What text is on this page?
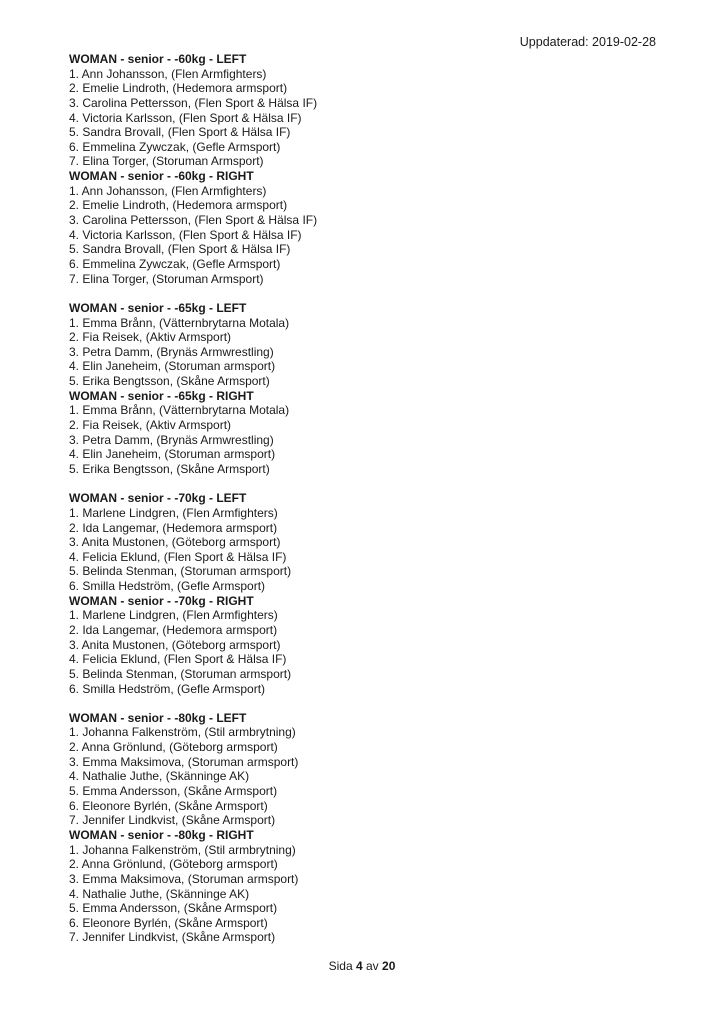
Uppdaterad: 2019-02-28
WOMAN - senior - -60kg - LEFT
1. Ann Johansson, (Flen Armfighters)
2. Emelie Lindroth, (Hedemora armsport)
3. Carolina Pettersson, (Flen Sport & Hälsa IF)
4. Victoria Karlsson, (Flen Sport & Hälsa IF)
5. Sandra Brovall, (Flen Sport & Hälsa IF)
6. Emmelina Zywczak, (Gefle Armsport)
7. Elina Torger, (Storuman Armsport)
WOMAN - senior - -60kg - RIGHT
1. Ann Johansson, (Flen Armfighters)
2. Emelie Lindroth, (Hedemora armsport)
3. Carolina Pettersson, (Flen Sport & Hälsa IF)
4. Victoria Karlsson, (Flen Sport & Hälsa IF)
5. Sandra Brovall, (Flen Sport & Hälsa IF)
6. Emmelina Zywczak, (Gefle Armsport)
7. Elina Torger, (Storuman Armsport)
WOMAN - senior - -65kg - LEFT
1. Emma Brånn, (Vätternbrytarna Motala)
2. Fia Reisek, (Aktiv Armsport)
3. Petra Damm, (Brynäs Armwrestling)
4. Elin Janeheim, (Storuman armsport)
5. Erika Bengtsson, (Skåne Armsport)
WOMAN - senior - -65kg - RIGHT
1. Emma Brånn, (Vätternbrytarna Motala)
2. Fia Reisek, (Aktiv Armsport)
3. Petra Damm, (Brynäs Armwrestling)
4. Elin Janeheim, (Storuman armsport)
5. Erika Bengtsson, (Skåne Armsport)
WOMAN - senior - -70kg - LEFT
1. Marlene Lindgren, (Flen Armfighters)
2. Ida Langemar, (Hedemora armsport)
3. Anita Mustonen, (Göteborg armsport)
4. Felicia Eklund, (Flen Sport & Hälsa IF)
5. Belinda Stenman, (Storuman armsport)
6. Smilla Hedström, (Gefle Armsport)
WOMAN - senior - -70kg - RIGHT
1. Marlene Lindgren, (Flen Armfighters)
2. Ida Langemar, (Hedemora armsport)
3. Anita Mustonen, (Göteborg armsport)
4. Felicia Eklund, (Flen Sport & Hälsa IF)
5. Belinda Stenman, (Storuman armsport)
6. Smilla Hedström, (Gefle Armsport)
WOMAN - senior - -80kg - LEFT
1. Johanna Falkenström, (Stil armbrytning)
2. Anna Grönlund, (Göteborg armsport)
3. Emma Maksimova, (Storuman armsport)
4. Nathalie Juthe, (Skänninge AK)
5. Emma Andersson, (Skåne Armsport)
6. Eleonore Byrlén, (Skåne Armsport)
7. Jennifer Lindkvist, (Skåne Armsport)
WOMAN - senior - -80kg - RIGHT
1. Johanna Falkenström, (Stil armbrytning)
2. Anna Grönlund, (Göteborg armsport)
3. Emma Maksimova, (Storuman armsport)
4. Nathalie Juthe, (Skänninge AK)
5. Emma Andersson, (Skåne Armsport)
6. Eleonore Byrlén, (Skåne Armsport)
7. Jennifer Lindkvist, (Skåne Armsport)
Sida 4 av 20
